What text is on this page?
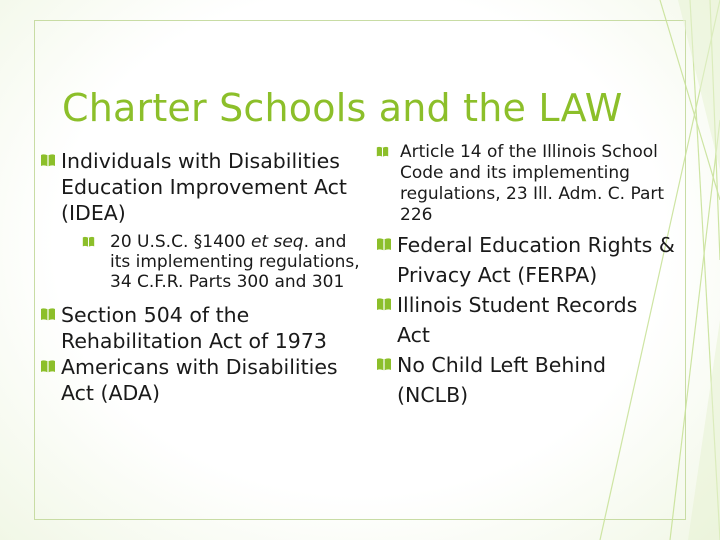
Charter Schools and the LAW
Individuals with Disabilities Education Improvement Act (IDEA)
20 U.S.C. §1400 et seq. and its implementing regulations, 34 C.F.R. Parts 300 and 301
Section 504 of the Rehabilitation Act of 1973
Americans with Disabilities Act (ADA)
Article 14 of the Illinois School Code and its implementing regulations, 23 Ill. Adm. C. Part 226
Federal Education Rights & Privacy Act (FERPA)
Illinois Student Records Act
No Child Left Behind (NCLB)
